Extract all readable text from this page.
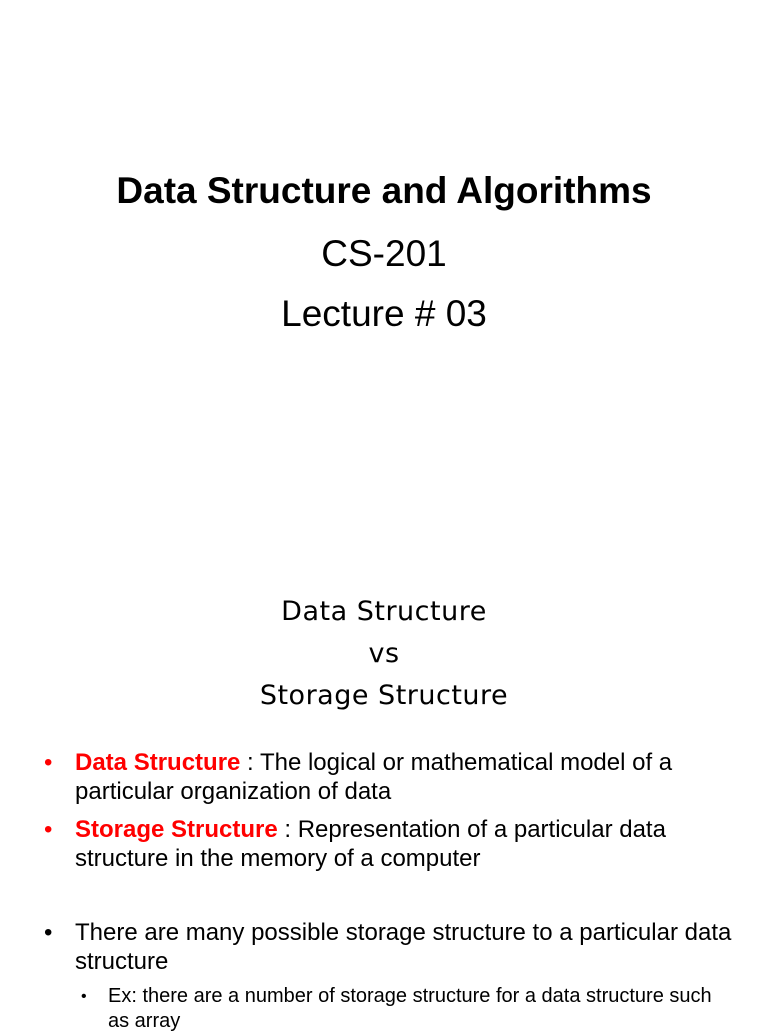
Data Structure and Algorithms
CS-201
Lecture # 03
Data Structure
vs
Storage Structure
• Data Structure : The logical or mathematical model of a particular organization of data
• Storage Structure : Representation of a particular data structure in the memory of a computer
• There are many possible storage structure to a particular data structure
• Ex: there are a number of storage structure for a data structure such as array
